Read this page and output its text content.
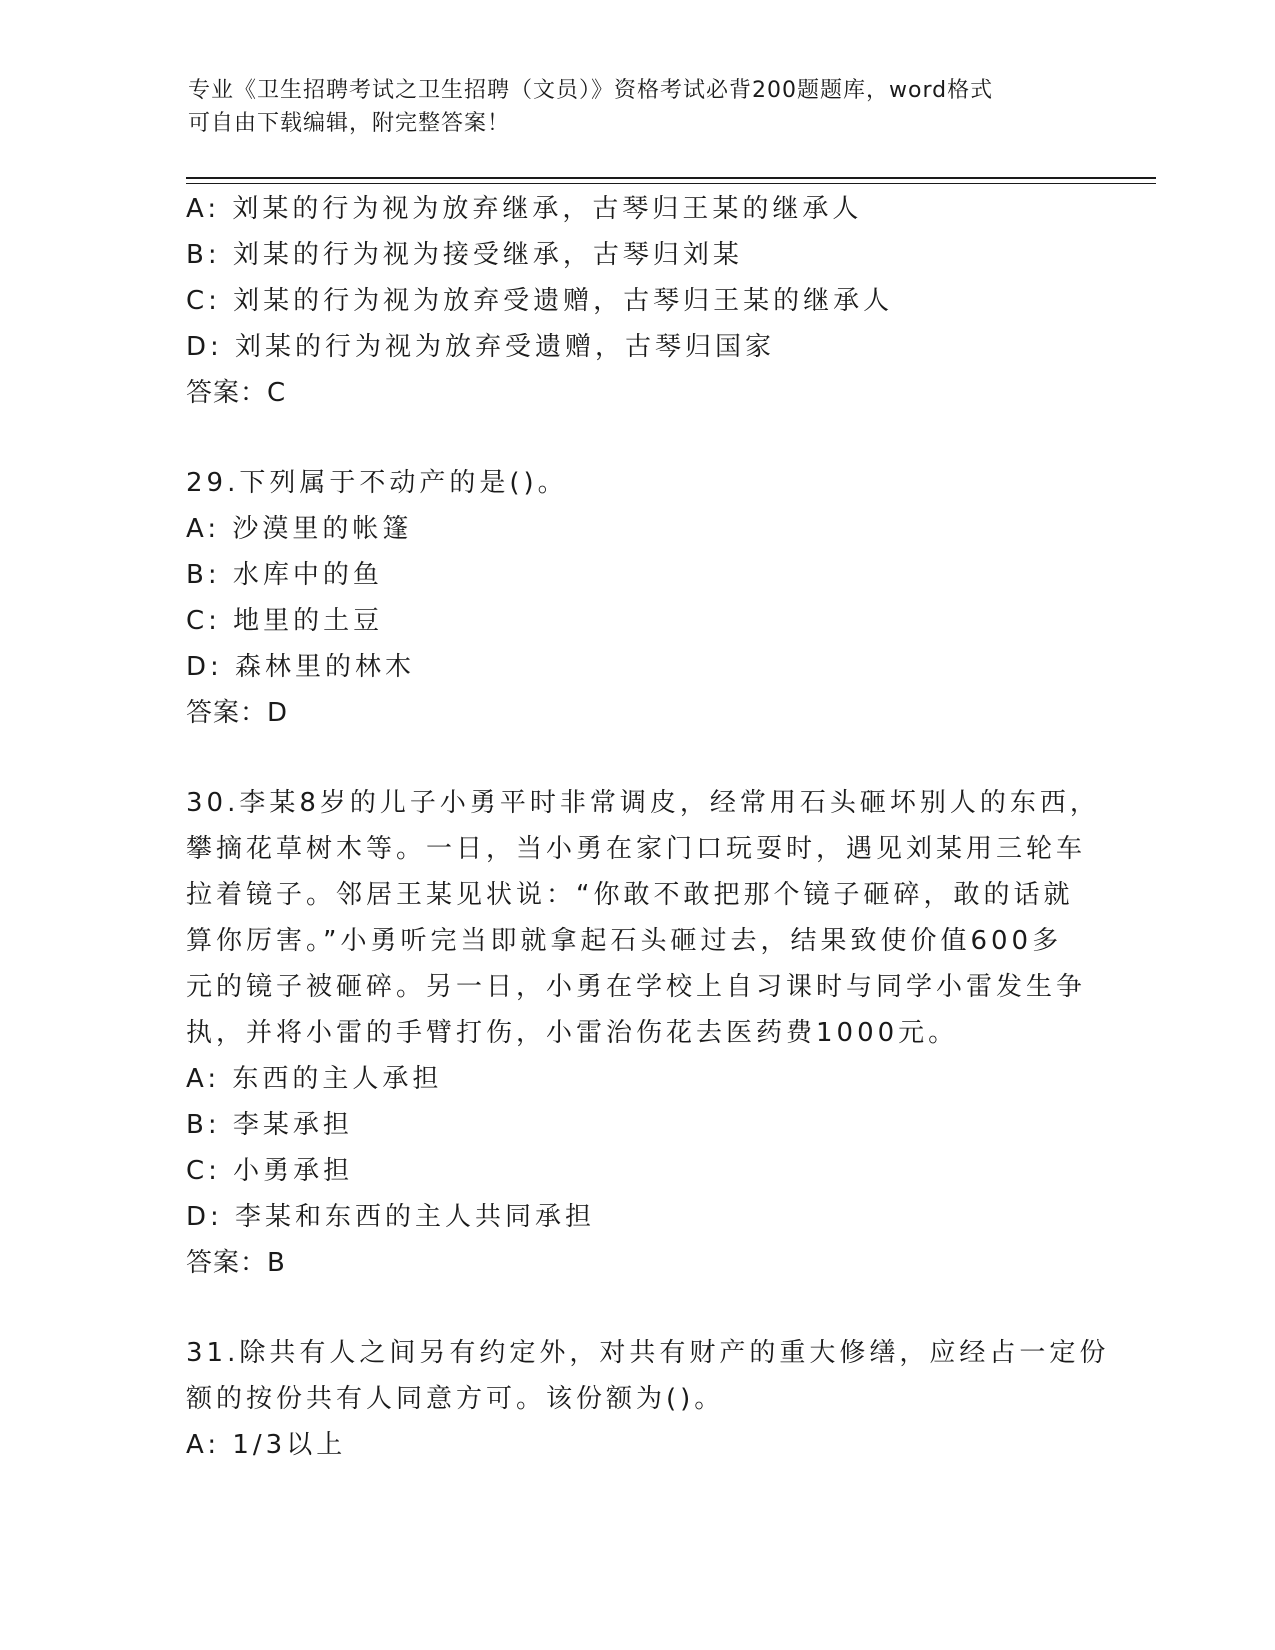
专业《卫生招聘考试之卫生招聘（文员）》资格考试必背200题题库，word格式
可自由下载编辑，附完整答案！
A: 刘某的行为视为放弃继承，古琴归王某的继承人
B: 刘某的行为视为接受继承，古琴归刘某
C: 刘某的行为视为放弃受遗赠，古琴归王某的继承人
D: 刘某的行为视为放弃受遗赠，古琴归国家
答案：C
29.下列属于不动产的是()。
A: 沙漠里的帐篷
B: 水库中的鱼
C: 地里的土豆
D: 森林里的林木
答案：D
30.李某8岁的儿子小勇平时非常调皮，经常用石头砸坏别人的东西，
攀摘花草树木等。一日，当小勇在家门口玩耍时，遇见刘某用三轮车
拉着镜子。邻居王某见状说：“你敢不敢把那个镜子砸碎，敢的话就
算你厉害。”小勇听完当即就拿起石头砸过去，结果致使价值600多
元的镜子被砸碎。另一日，小勇在学校上自习课时与同学小雷发生争
执，并将小雷的手臂打伤，小雷治伤花去医药费1000元。
A: 东西的主人承担
B: 李某承担
C: 小勇承担
D: 李某和东西的主人共同承担
答案：B
31.除共有人之间另有约定外，对共有财产的重大修缮，应经占一定份
额的按份共有人同意方可。该份额为()。
A: 1/3以上
